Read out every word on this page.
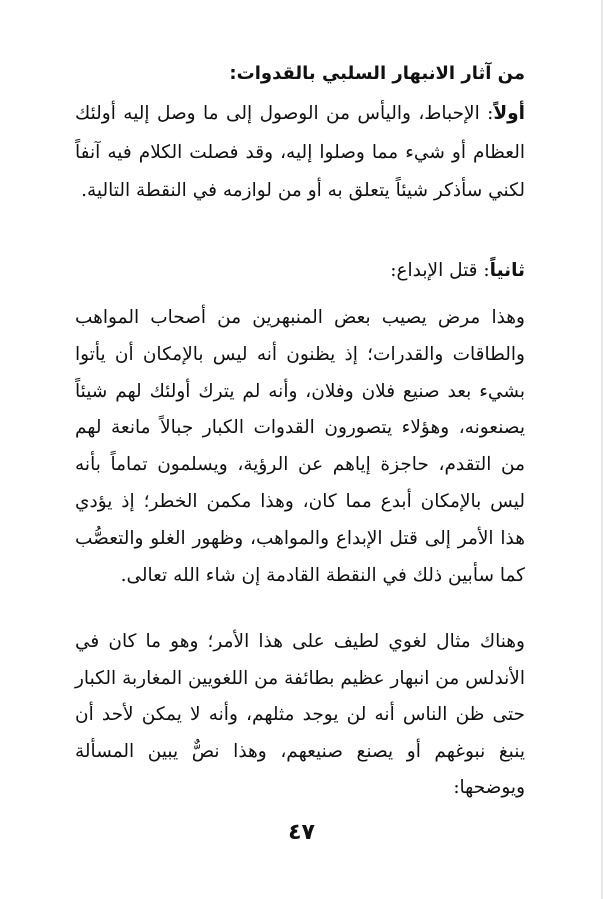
من آثار الانبهار السلبي بالقدوات:

أولاً: الإحباط، واليأس من الوصول إلى ما وصل إليه أولئك العظام أو شيء مما وصلوا إليه، وقد فصلت الكلام فيه آنفاً لكني سأذكر شيئاً يتعلق به أو من لوازمه في النقطة التالية.

ثانياً: قتل الإبداع:

وهذا مرض يصيب بعض المنبهرين من أصحاب المواهب والطاقات والقدرات؛ إذ يظنون أنه ليس بالإمكان أن يأتوا بشيء بعد صنيع فلان وفلان، وأنه لم يترك أولئك لهم شيئاً يصنعونه، وهؤلاء يتصورون القدوات الكبار جبالاً مانعة لهم من التقدم، حاجزة إياهم عن الرؤية، ويسلمون تماماً بأنه ليس بالإمكان أبدع مما كان، وهذا مكمن الخطر؛ إذ يؤدي هذا الأمر إلى قتل الإبداع والمواهب، وظهور الغلو والتعصُّب كما سأبين ذلك في النقطة القادمة إن شاء الله تعالى.

وهناك مثال لغوي لطيف على هذا الأمر؛ وهو ما كان في الأندلس من انبهار عظيم بطائفة من اللغويين المغاربة الكبار حتى ظن الناس أنه لن يوجد مثلهم، وأنه لا يمكن لأحد أن ينبغ نبوغهم أو يصنع صنيعهم، وهذا نصٌّ يبين المسألة ويوضحها:

٤٧
